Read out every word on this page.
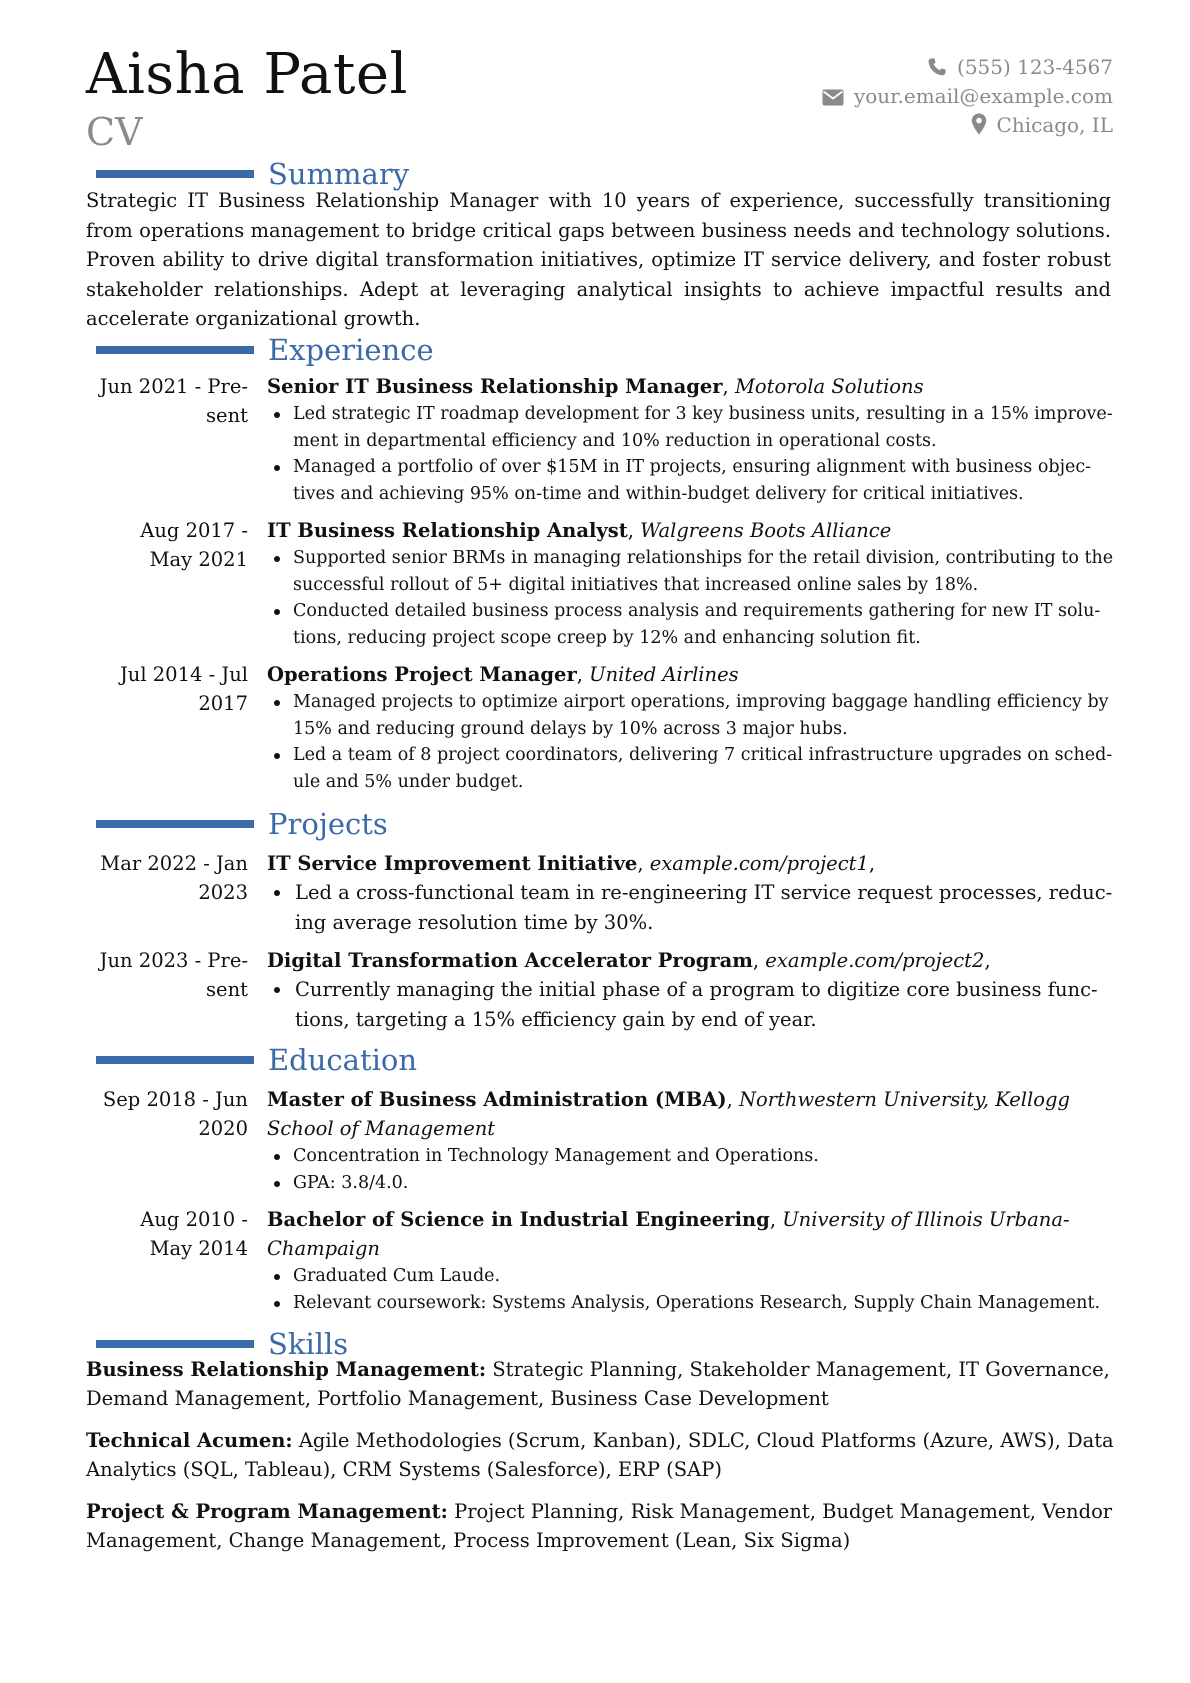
Aisha Patel
CV
(555) 123-4567
your.email@example.com
Chicago, IL
Summary

Strategic IT Business Relationship Manager with 10 years of experience, successfully transitioning from operations management to bridge critical gaps between business needs and technology solutions. Proven ability to drive digital transformation initiatives, optimize IT service delivery, and foster robust stakeholder relationships. Adept at leveraging analytical insights to achieve impactful results and accelerate organizational growth.

Experience
Jun 2021 - Pre-
sent
Senior IT Business Relationship Manager, Motorola Solutions
Led strategic IT roadmap development for 3 key business units, resulting in a 15% improvement in departmental efficiency and 10% reduction in operational costs.
Managed a portfolio of over $15M in IT projects, ensuring alignment with business objectives and achieving 95% on-time and within-budget delivery for critical initiatives.
Aug 2017 -
May 2021
IT Business Relationship Analyst, Walgreens Boots Alliance
Supported senior BRMs in managing relationships for the retail division, contributing to the successful rollout of 5+ digital initiatives that increased online sales by 18%.
Conducted detailed business process analysis and requirements gathering for new IT solutions, reducing project scope creep by 12% and enhancing solution fit.
Jul 2014 - Jul
2017
Operations Project Manager, United Airlines
Managed projects to optimize airport operations, improving baggage handling efficiency by 15% and reducing ground delays by 10% across 3 major hubs.
Led a team of 8 project coordinators, delivering 7 critical infrastructure upgrades on schedule and 5% under budget.
Projects
Mar 2022 - Jan
2023
IT Service Improvement Initiative, example.com/project1,
Led a cross-functional team in re-engineering IT service request processes, reducing average resolution time by 30%.
Jun 2023 - Pre-
sent
Digital Transformation Accelerator Program, example.com/project2,
Currently managing the initial phase of a program to digitize core business functions, targeting a 15% efficiency gain by end of year.
Education
Sep 2018 - Jun
2020
Master of Business Administration (MBA), Northwestern University, Kellogg School of Management
Concentration in Technology Management and Operations.
GPA: 3.8/4.0.
Aug 2010 -
May 2014
Bachelor of Science in Industrial Engineering, University of Illinois Urbana-Champaign
Graduated Cum Laude.
Relevant coursework: Systems Analysis, Operations Research, Supply Chain Management.
Skills

Business Relationship Management: Strategic Planning, Stakeholder Management, IT Governance, Demand Management, Portfolio Management, Business Case Development

Technical Acumen: Agile Methodologies (Scrum, Kanban), SDLC, Cloud Platforms (Azure, AWS), Data Analytics (SQL, Tableau), CRM Systems (Salesforce), ERP (SAP)

Project & Program Management: Project Planning, Risk Management, Budget Management, Vendor Management, Change Management, Process Improvement (Lean, Six Sigma)
